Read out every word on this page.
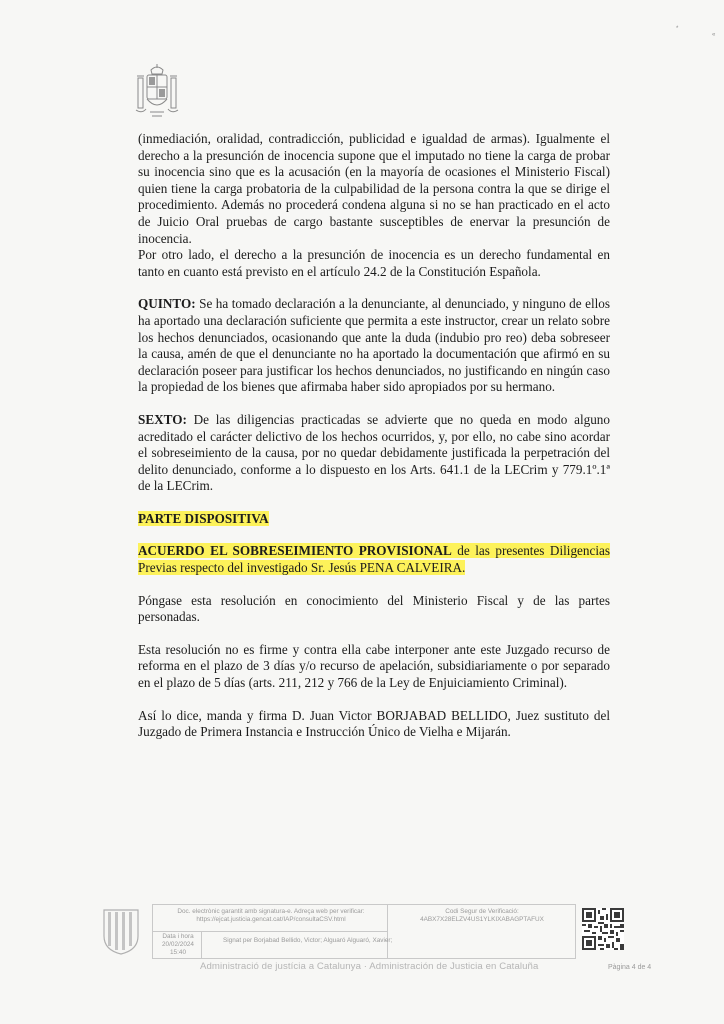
*
«

(inmediación, oralidad, contradicción, publicidad e igualdad de armas). Igualmente el derecho a la presunción de inocencia supone que el imputado no tiene la carga de probar su inocencia sino que es la acusación (en la mayoría de ocasiones el Ministerio Fiscal) quien tiene la carga probatoria de la culpabilidad de la persona contra la que se dirige el procedimiento. Además no procederá condena alguna si no se han practicado en el acto de Juicio Oral pruebas de cargo bastante susceptibles de enervar la presunción de inocencia.

Por otro lado, el derecho a la presunción de inocencia es un derecho fundamental en tanto en cuanto está previsto en el artículo 24.2 de la Constitución Española.

QUINTO: Se ha tomado declaración a la denunciante, al denunciado, y ninguno de ellos ha aportado una declaración suficiente que permita a este instructor, crear un relato sobre los hechos denunciados, ocasionando que ante la duda (indubio pro reo) deba sobreseer la causa, amén de que el denunciante no ha aportado la documentación que afirmó en su declaración poseer para justificar los hechos denunciados, no justificando en ningún caso la propiedad de los bienes que afirmaba haber sido apropiados por su hermano.

SEXTO: De las diligencias practicadas se advierte que no queda en modo alguno acreditado el carácter delictivo de los hechos ocurridos, y, por ello, no cabe sino acordar el sobreseimiento de la causa, por no quedar debidamente justificada la perpetración del delito denunciado, conforme a lo dispuesto en los Arts. 641.1 de la LECrim y 779.1º.1ª de la LECrim.

PARTE DISPOSITIVA

ACUERDO EL SOBRESEIMIENTO PROVISIONAL de las presentes Diligencias Previas respecto del investigado Sr. Jesús PENA CALVEIRA.

Póngase esta resolución en conocimiento del Ministerio Fiscal y de las partes personadas.

Esta resolución no es firme y contra ella cabe interponer ante este Juzgado recurso de reforma en el plazo de 3 días y/o recurso de apelación, subsidiariamente o por separado en el plazo de 5 días (arts. 211, 212 y 766 de la Ley de Enjuiciamiento Criminal).

Así lo dice, manda y firma D. Juan Victor BORJABAD BELLIDO, Juez sustituto del Juzgado de Primera Instancia e Instrucción Único de Vielha e Mijarán.

Doc. electrònic garantit amb signatura-e. Adreça web per verificar:
https://ejcat.justicia.gencat.cat/IAP/consultaCSV.html
Codi Segur de Verificació:
4ABX7X28ELZV4US1YLKIXABAGPTAFUX
Data i hora
20/02/2024
15:40
Signat per Borjabad Bellido, Victor; Alguaró Alguaró, Xavier;
Administració de justícia a Catalunya · Administración de Justicia en Cataluña	Pàgina 4 de 4
